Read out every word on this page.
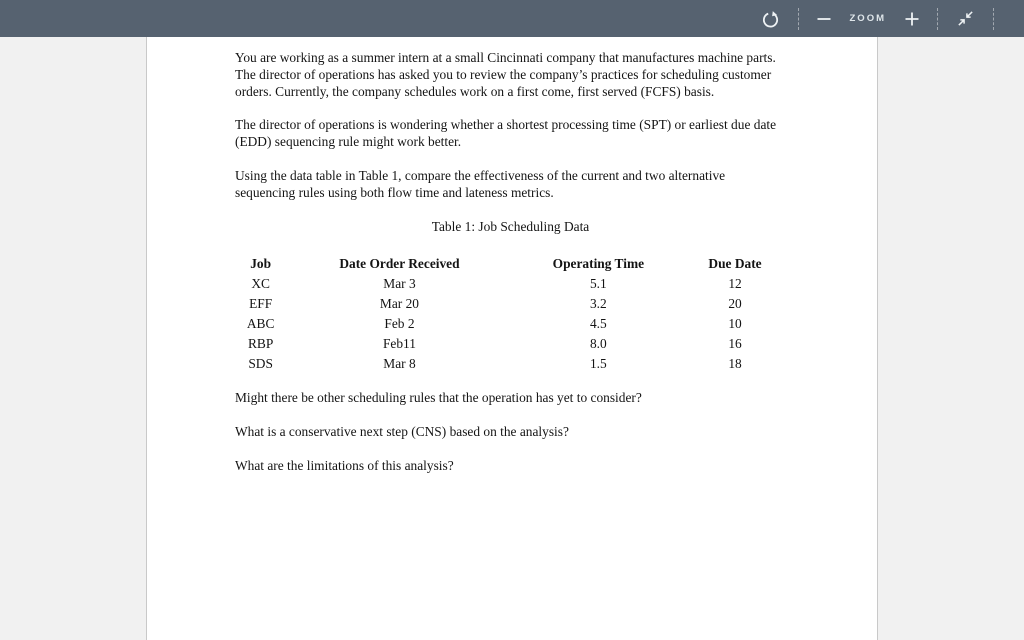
ZOOM

You are working as a summer intern at a small Cincinnati company that manufactures machine parts. The director of operations has asked you to review the company’s practices for scheduling customer orders. Currently, the company schedules work on a first come, first served (FCFS) basis.

The director of operations is wondering whether a shortest processing time (SPT) or earliest due date (EDD) sequencing rule might work better.

Using the data table in Table 1, compare the effectiveness of the current and two alternative sequencing rules using both flow time and lateness metrics.

Table 1: Job Scheduling Data
Job	Date Order Received	Operating Time	Due Date
XC	Mar 3	5.1	12
EFF	Mar 20	3.2	20
ABC	Feb 2	4.5	10
RBP	Feb11	8.0	16
SDS	Mar 8	1.5	18

Might there be other scheduling rules that the operation has yet to consider?

What is a conservative next step (CNS) based on the analysis?

What are the limitations of this analysis?
